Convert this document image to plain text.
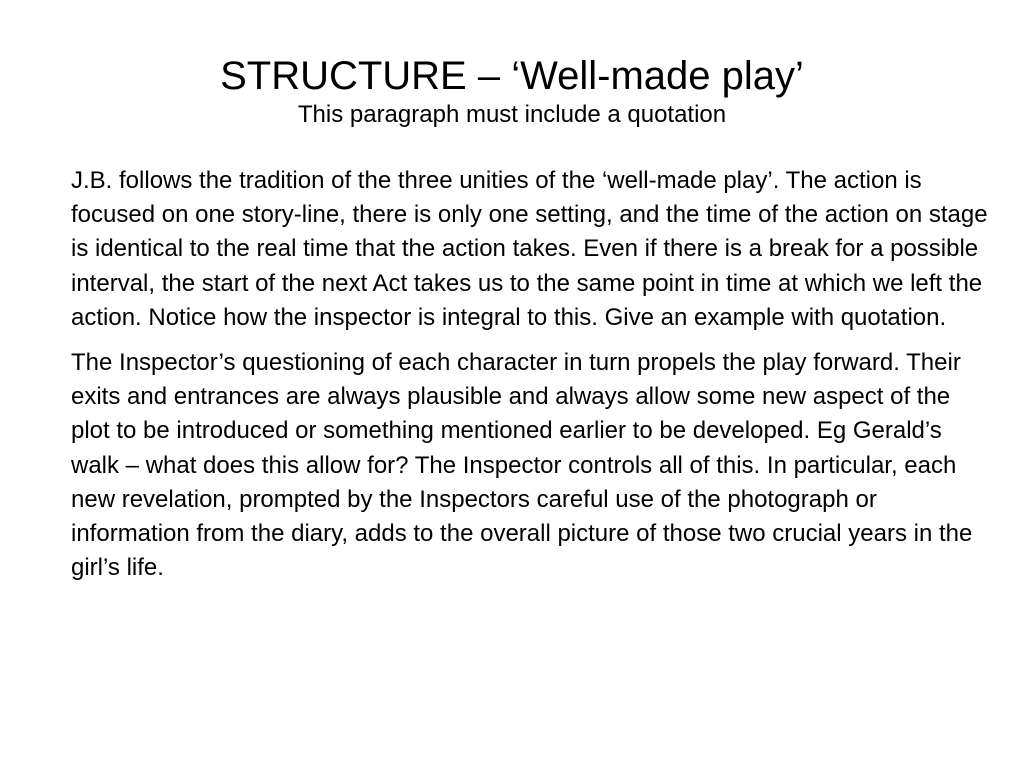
STRUCTURE – ‘Well-made play’

This paragraph must include a quotation

J.B. follows the tradition of the three unities of the ‘well-made play’. The action is focused on one story-line, there is only one setting, and the time of the action on stage is identical to the real time that the action takes. Even if there is a break for a possible interval, the start of the next Act takes us to the same point in time at which we left the action. Notice how the inspector is integral to this. Give an example with quotation.

The Inspector’s questioning of each character in turn propels the play forward. Their exits and entrances are always plausible and always allow some new aspect of the plot to be introduced or something mentioned earlier to be developed. Eg Gerald’s walk – what does this allow for? The Inspector controls all of this. In particular, each new revelation, prompted by the Inspectors careful use of the photograph or information from the diary, adds to the overall picture of those two crucial years in the girl’s life.
